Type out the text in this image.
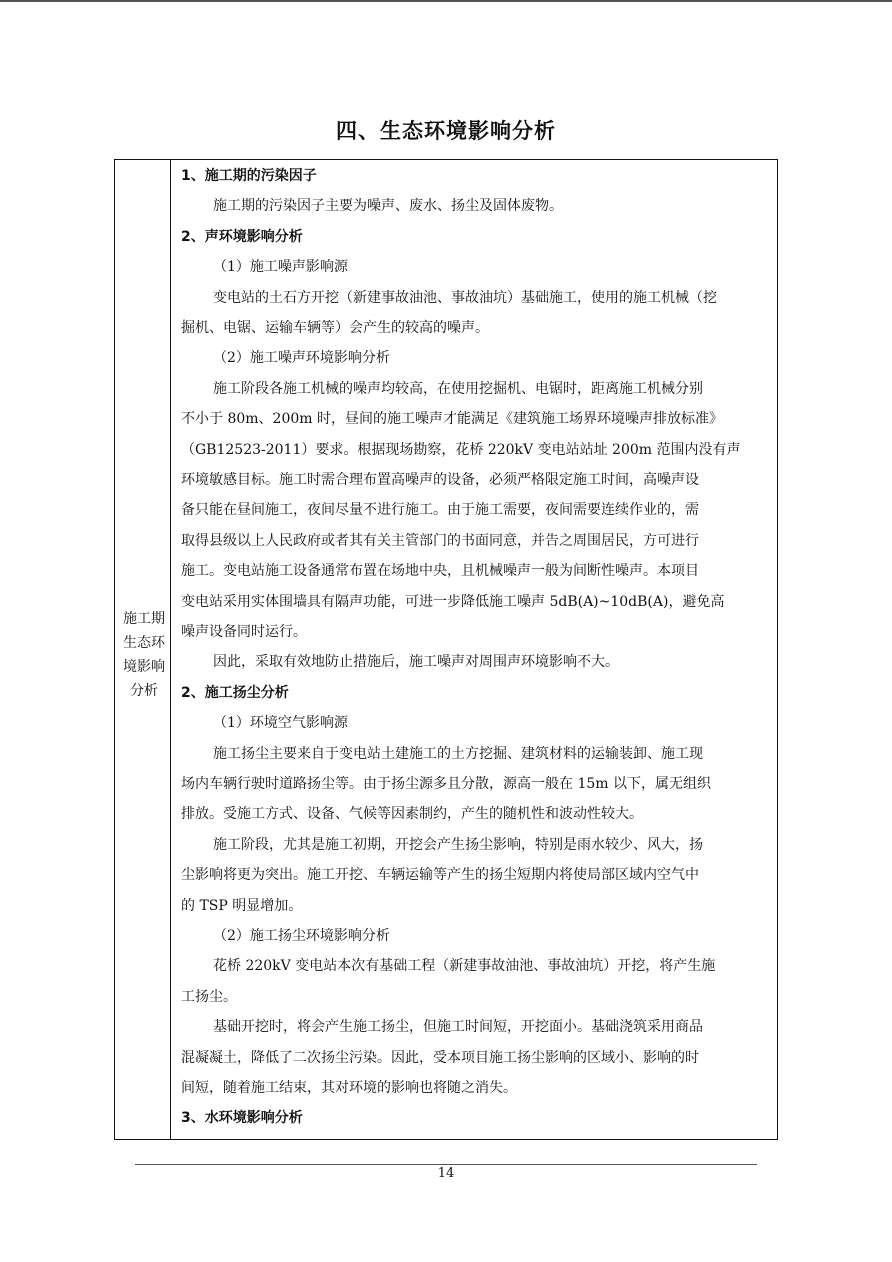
四、生态环境影响分析
施工期
生态环
境影响
分析
1、施工期的污染因子
施工期的污染因子主要为噪声、废水、扬尘及固体废物。
2、声环境影响分析
（1）施工噪声影响源
变电站的土石方开挖（新建事故油池、事故油坑）基础施工，使用的施工机械（挖
掘机、电锯、运输车辆等）会产生的较高的噪声。
（2）施工噪声环境影响分析
施工阶段各施工机械的噪声均较高，在使用挖掘机、电锯时，距离施工机械分别
不小于 80m、200m 时，昼间的施工噪声才能满足《建筑施工场界环境噪声排放标准》
（GB12523-2011）要求。根据现场勘察，花桥 220kV 变电站站址 200m 范围内没有声
环境敏感目标。施工时需合理布置高噪声的设备，必须严格限定施工时间，高噪声设
备只能在昼间施工，夜间尽量不进行施工。由于施工需要，夜间需要连续作业的，需
取得县级以上人民政府或者其有关主管部门的书面同意，并告之周围居民，方可进行
施工。变电站施工设备通常布置在场地中央，且机械噪声一般为间断性噪声。本项目
变电站采用实体围墙具有隔声功能，可进一步降低施工噪声 5dB(A)~10dB(A)，避免高
噪声设备同时运行。
因此，采取有效地防止措施后，施工噪声对周围声环境影响不大。
2、施工扬尘分析
（1）环境空气影响源
施工扬尘主要来自于变电站土建施工的土方挖掘、建筑材料的运输装卸、施工现
场内车辆行驶时道路扬尘等。由于扬尘源多且分散，源高一般在 15m 以下，属无组织
排放。受施工方式、设备、气候等因素制约，产生的随机性和波动性较大。
施工阶段，尤其是施工初期，开挖会产生扬尘影响，特别是雨水较少、风大，扬
尘影响将更为突出。施工开挖、车辆运输等产生的扬尘短期内将使局部区域内空气中
的 TSP 明显增加。
（2）施工扬尘环境影响分析
花桥 220kV 变电站本次有基础工程（新建事故油池、事故油坑）开挖，将产生施
工扬尘。
基础开挖时，将会产生施工扬尘，但施工时间短，开挖面小。基础浇筑采用商品
混凝凝土，降低了二次扬尘污染。因此，受本项目施工扬尘影响的区域小、影响的时
间短，随着施工结束，其对环境的影响也将随之消失。
3、水环境影响分析
14
